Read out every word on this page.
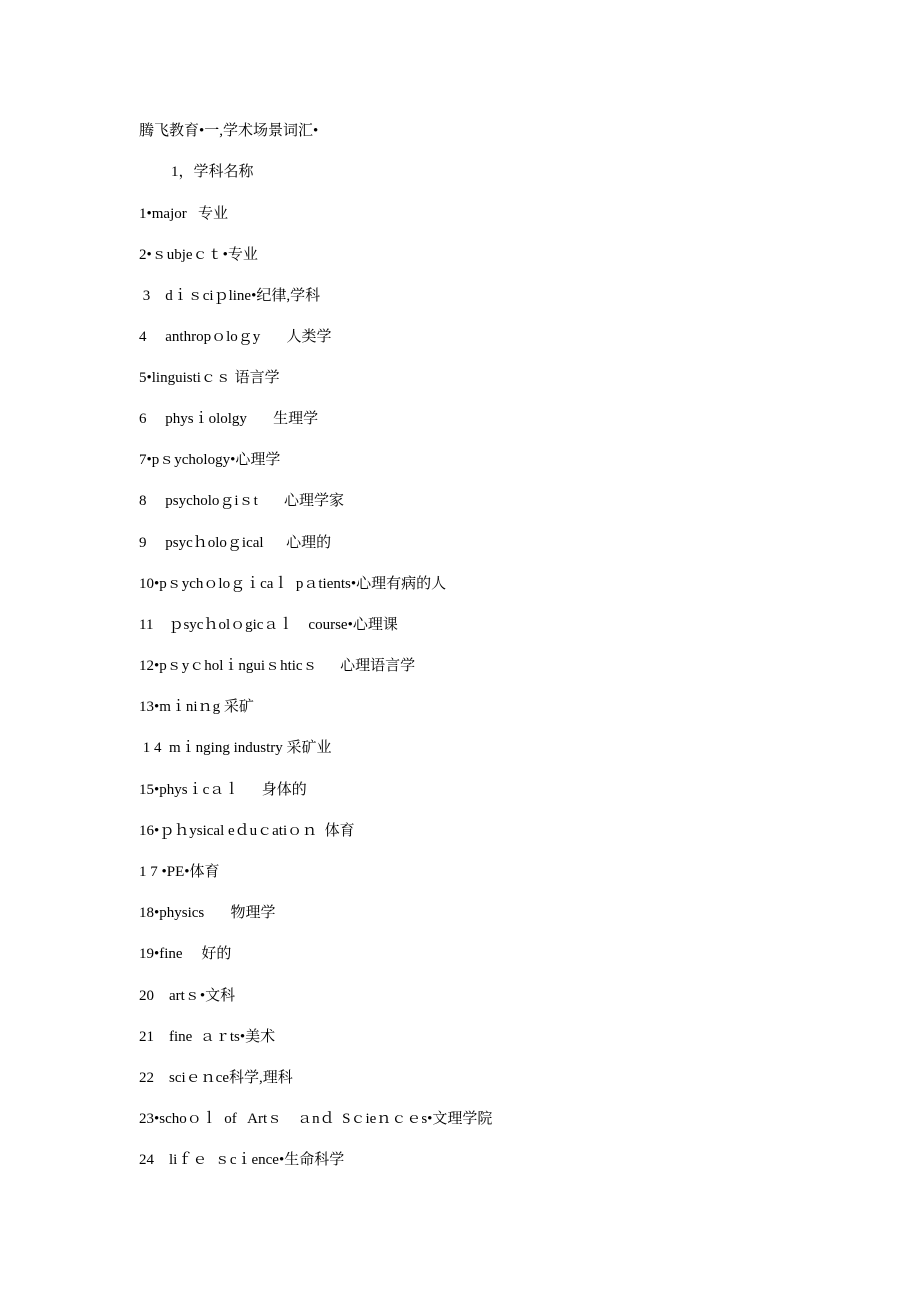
腾飞教育•一,学术场景词汇•
1，学科名称
1•major   专业
2•ｓubjeｃｔ•专业
3    dｉｓciｐline•纪律,学科
4     anthropｏloｇy       人类学
5•linguistiｃｓ 语言学
6     physｉololgy       生理学
7•pｓychology•心理学
8     psycholoｇiｓt       心理学家
9     psycｈoloｇical      心理的
10•pｓychｏloｇｉcaｌ  pａtients•心理有病的人
11    ｐsycｈolｏgicａｌ    course•心理课
12•pｓyｃholｉnguiｓhticｓ      心理语言学
13•mｉniｎg 采矿
1 4  mｉnging industry 采矿业
15•physｉcａｌ      身体的
16•ｐｈysical eｄuｃatiｏｎ  体育
1 7 •PE•体育
18•physics       物理学
19•fine     好的
20    artｓ•文科
21    fine  ａｒts•美术
22    sciｅｎce科学,理科
23•schoｏｌ  of   Artｓ    ａnｄ  Sｃieｎｃｅs•文理学院
24    liｆｅ  ｓcｉence•生命科学
